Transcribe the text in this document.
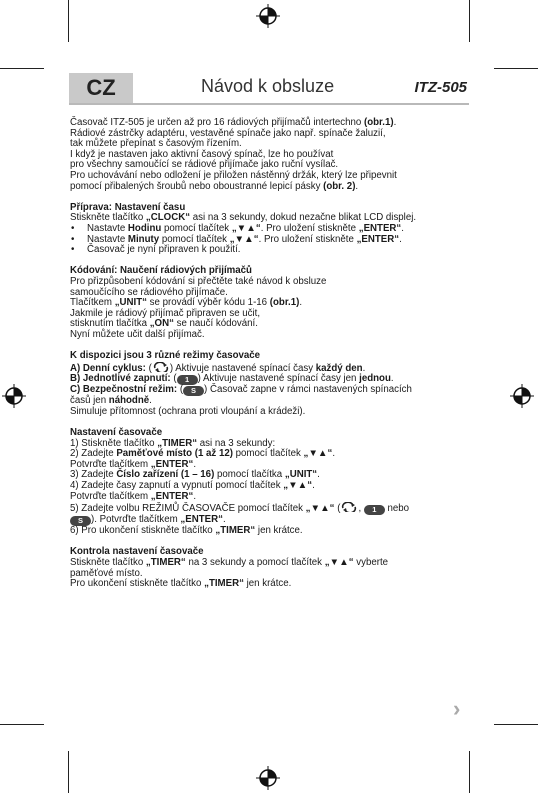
CZ	Návod k obsluze	ITZ-505

Časovač ITZ-505 je určen až pro 16 rádiových přijímačů intertechno (obr.1).

Rádiové zástrčky adaptéru, vestavěné spínače jako např. spínače žaluzií,

tak můžete přepínat s časovým řízením.

I když je nastaven jako aktivní časový spínač, lze ho používat

pro všechny samoučící se rádiové přijímače jako ruční vysílač.

Pro uchovávání nebo odložení je přiložen nástěnný držák, který lze připevnit

pomocí přibalených šroubů nebo oboustranné lepicí pásky (obr. 2).

Příprava: Nastavení času

Stiskněte tlačítko „CLOCK“ asi na 3 sekundy, dokud nezačne blikat LCD displej.

• Nastavte Hodinu pomocí tlačítek „▼▲“. Pro uložení stiskněte „ENTER“.

• Nastavte Minuty pomocí tlačítek „▼▲“. Pro uložení stiskněte „ENTER“.

• Časovač je nyní připraven k použití.

Kódování: Naučení rádiových přijímačů

Pro přizpůsobení kódování si přečtěte také návod k obsluze

samoučícího se rádiového přijímače.

Tlačítkem „UNIT“ se provádí výběr kódu 1-16 (obr.1).

Jakmile je rádiový přijímač připraven se učit,

stisknutím tlačítka „ON“ se naučí kódování.

Nyní můžete učit další přijímač.

K dispozici jsou 3 různé režimy časovače

A) Denní cyklus: ( ) Aktivuje nastavené spínací časy každý den.

B) Jednotlivé zapnutí: ( 1 ) Aktivuje nastavené spínací časy jen jednou.

C) Bezpečnostní režim: ( S ) Časovač zapne v rámci nastavených spínacích

časů jen náhodně.

Simuluje přítomnost (ochrana proti vloupání a krádeži).

Nastavení časovače

1) Stiskněte tlačítko „TIMER“ asi na 3 sekundy:

2) Zadejte Paměťové místo (1 až 12) pomocí tlačítek „▼▲“.

Potvrďte tlačítkem „ENTER“.

3) Zadejte Číslo zařízení (1 – 16) pomocí tlačítka „UNIT“.

4) Zadejte časy zapnutí a vypnutí pomocí tlačítek „▼▲“.

Potvrďte tlačítkem „ENTER“.

5) Zadejte volbu REŽIMŮ ČASOVAČE pomocí tlačítek „▼▲“ ( , 1 nebo

S ). Potvrďte tlačítkem „ENTER“.

6) Pro ukončení stiskněte tlačítko „TIMER“ jen krátce.

Kontrola nastavení časovače

Stiskněte tlačítko „TIMER“ na 3 sekundy a pomocí tlačítek „▼▲“ vyberte

paměťové místo.

Pro ukončení stiskněte tlačítko „TIMER“ jen krátce.

›
